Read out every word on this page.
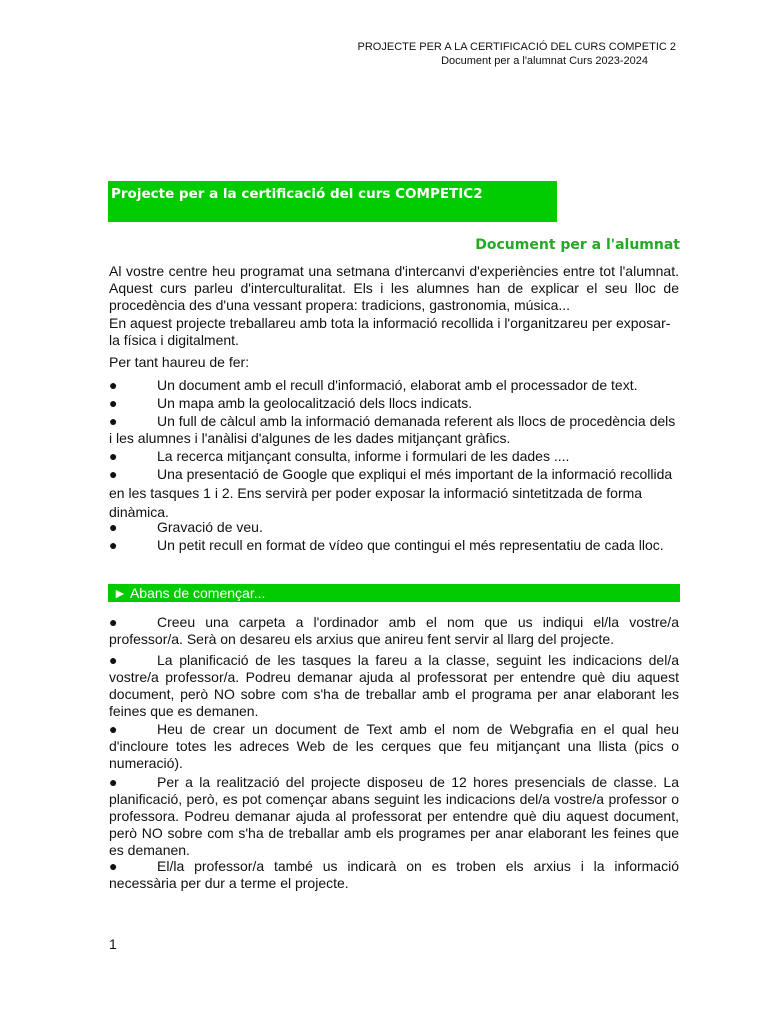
PROJECTE PER A LA CERTIFICACIÓ DEL CURS COMPETIC 2
Document per a l'alumnat Curs 2023-2024
Projecte per a la certificació del curs COMPETIC2
Document per a l'alumnat
Al vostre centre heu programat una setmana d'intercanvi d'experiències entre tot l'alumnat. Aquest curs parleu d'interculturalitat. Els i les alumnes han de explicar el seu lloc de procedència des d'una vessant propera: tradicions, gastronomia, música...
En aquest projecte treballareu amb tota la informació recollida i l'organitzareu per exposar-la física i digitalment.
Per tant haureu de fer:
●	Un document amb el recull d'informació, elaborat amb el processador de text.
●	Un mapa amb la geolocalització dels llocs indicats.
●	Un full de càlcul amb la informació demanada referent als llocs de procedència dels i les alumnes i l'anàlisi d'algunes de les dades mitjançant gràfics.
●	La recerca mitjançant consulta, informe i formulari de les dades ....
●	Una presentació de Google que expliqui el més important de la informació recollida en les tasques 1 i 2. Ens servirà per poder exposar la informació sintetitzada de forma dinàmica.
●	Gravació de veu.
●	Un petit recull en format de vídeo que contingui el més representatiu de cada lloc.
► Abans de començar...
●	Creeu una carpeta a l'ordinador amb el nom que us indiqui el/la vostre/a professor/a. Serà on desareu els arxius que anireu fent servir al llarg del projecte.
●	La planificació de les tasques la fareu a la classe, seguint les indicacions del/a vostre/a professor/a. Podreu demanar ajuda al professorat per entendre què diu aquest document, però NO sobre com s'ha de treballar amb el programa per anar elaborant les feines que es demanen.
●	Heu de crear un document de Text amb el nom de Webgrafia en el qual heu d'incloure totes les adreces Web de les cerques que feu mitjançant una llista (pics o numeració).
●	Per a la realització del projecte disposeu de 12 hores presencials de classe. La planificació, però, es pot començar abans seguint les indicacions del/a vostre/a professor o professora. Podreu demanar ajuda al professorat per entendre què diu aquest document, però NO sobre com s'ha de treballar amb els programes per anar elaborant les feines que es demanen.
●	El/la professor/a també us indicarà on es troben els arxius i la informació necessària per dur a terme el projecte.
1
